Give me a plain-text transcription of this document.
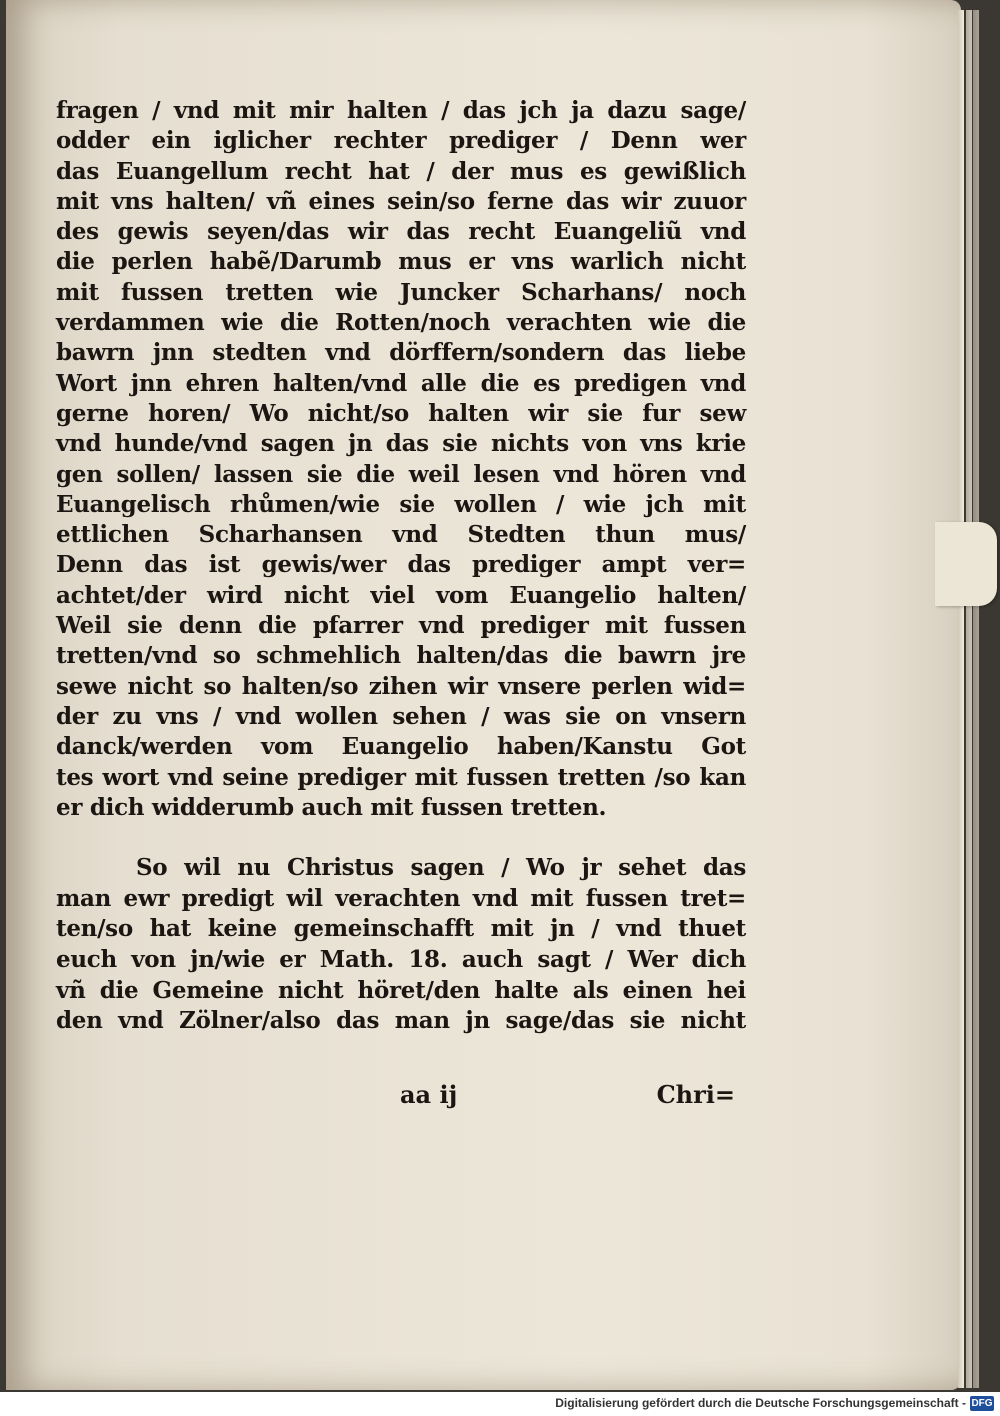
fragen / vnd mit mir halten / das jch ja dazu sage/
odder ein iglicher rechter prediger / Denn wer
das Euangellum recht hat / der mus es gewißlich
mit vns halten/ vñ eines sein/so ferne das wir zuuor
des gewis seyen/das wir das recht Euangeliũ vnd
die perlen habẽ/Darumb mus er vns warlich nicht
mit fussen tretten wie Juncker Scharhans/ noch
verdammen wie die Rotten/noch verachten wie die
bawrn jnn stedten vnd dörffern/sondern das liebe
Wort jnn ehren halten/vnd alle die es predigen vnd
gerne horen/ Wo nicht/so halten wir sie fur sew
vnd hunde/vnd sagen jn das sie nichts von vns krie
gen sollen/ lassen sie die weil lesen vnd hören vnd
Euangelisch rhůmen/wie sie wollen / wie jch mit
ettlichen Scharhansen vnd Stedten thun mus/
Denn das ist gewis/wer das prediger ampt ver=
achtet/der wird nicht viel vom Euangelio halten/
Weil sie denn die pfarrer vnd prediger mit fussen
tretten/vnd so schmehlich halten/das die bawrn jre
sewe nicht so halten/so zihen wir vnsere perlen wid=
der zu vns / vnd wollen sehen / was sie on vnsern
danck/werden vom Euangelio haben/Kanstu Got
tes wort vnd seine prediger mit fussen tretten /so kan
er dich widderumb auch mit fussen tretten.
So wil nu Christus sagen / Wo jr sehet das
man ewr predigt wil verachten vnd mit fussen tret=
ten/so hat keine gemeinschafft mit jn / vnd thuet
euch von jn/wie er Math. 18. auch sagt / Wer dich
vñ die Gemeine nicht höret/den halte als einen hei
den vnd Zölner/also das man jn sage/das sie nicht
aa ij	Chri=
Digitalisierung gefördert durch die Deutsche Forschungsgemeinschaft - DFG
